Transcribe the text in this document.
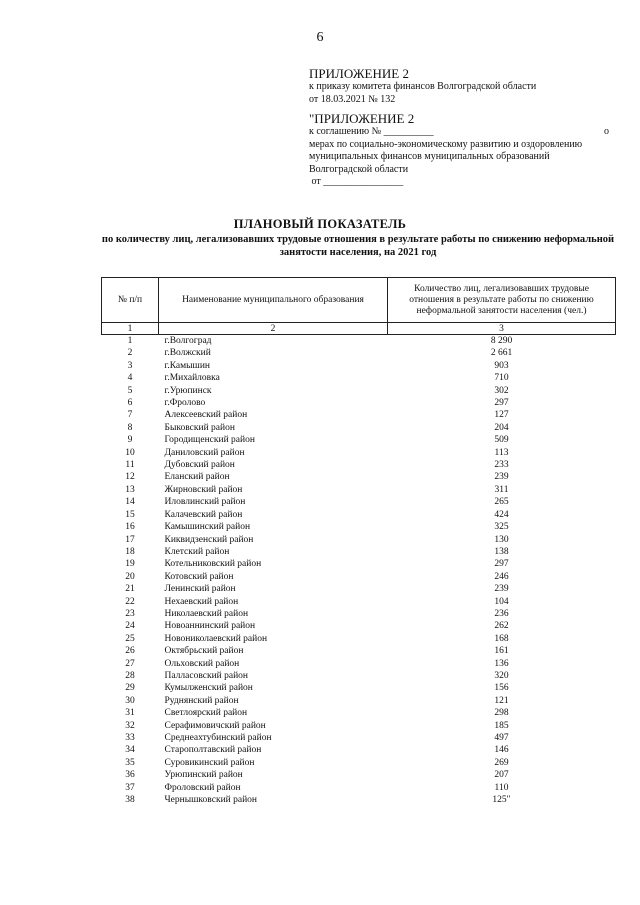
6
ПРИЛОЖЕНИЕ 2
к приказу комитета финансов Волгоградской области
от 18.03.2021 № 132
"ПРИЛОЖЕНИЕ 2
к соглашению № __________	о
мерах по социально-экономическому развитию и оздоровлению
муниципальных финансов муниципальных образований
Волгоградской области
от ________________
ПЛАНОВЫЙ ПОКАЗАТЕЛЬ
по количеству лиц, легализовавших трудовые отношения в результате работы по снижению неформальной занятости населения, на 2021 год
№ п/п	Наименование муниципального образования	Количество лиц, легализовавших трудовые отношения в результате работы по снижению неформальной занятости населения (чел.)
1	2	3
1	г.Волгоград	8 290
2	г.Волжский	2 661
3	г.Камышин	903
4	г.Михайловка	710
5	г.Урюпинск	302
6	г.Фролово	297
7	Алексеевский район	127
8	Быковский район	204
9	Городищенский район	509
10	Даниловский район	113
11	Дубовский район	233
12	Еланский район	239
13	Жирновский район	311
14	Иловлинский район	265
15	Калачевский район	424
16	Камышинский район	325
17	Киквидзенский район	130
18	Клетский район	138
19	Котельниковский район	297
20	Котовский район	246
21	Ленинский район	239
22	Нехаевский район	104
23	Николаевский район	236
24	Новоаннинский район	262
25	Новониколаевский район	168
26	Октябрьский район	161
27	Ольховский район	136
28	Палласовский район	320
29	Кумылженский район	156
30	Руднянский район	121
31	Светлоярский район	298
32	Серафимовичский район	185
33	Среднеахтубинский район	497
34	Старополтавский район	146
35	Суровикинский район	269
36	Урюпинский район	207
37	Фроловский район	110
38	Чернышковский район	125"
